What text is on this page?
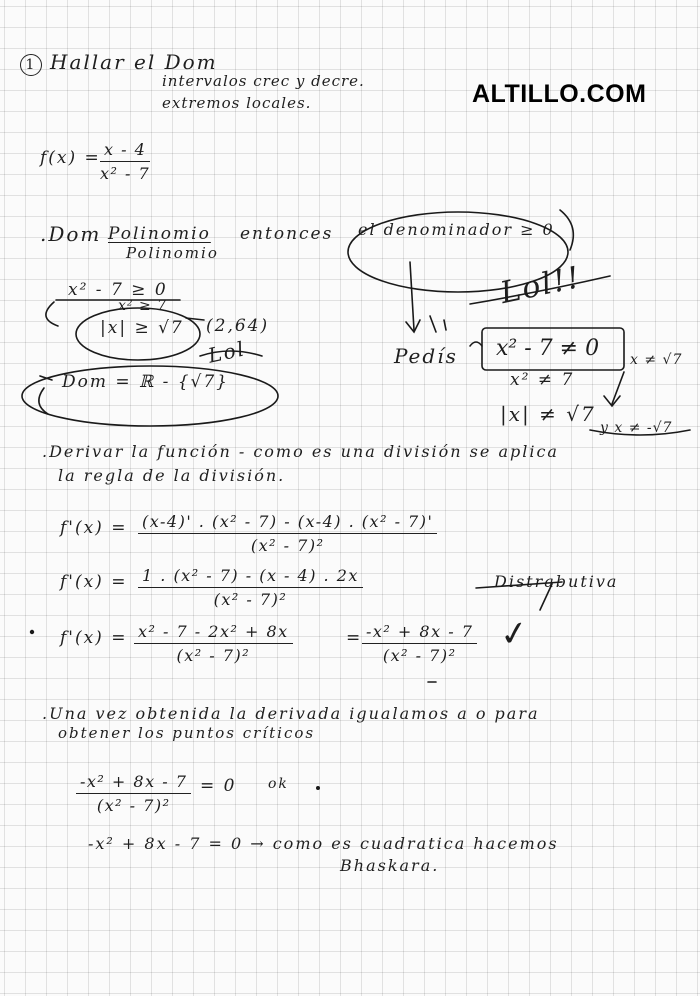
ALTILLO.COM
1 Hallar el Dom
intervalos crec y decre.
extremos locales.
$f(x) = \frac{x - 4}{\text{x² - 7}}$
.Dom Polinomio
Polinomio
entonces el denominador ≥ 0
x² - 7 ≥ 0
x² ≥ 7
|x| ≥ √7 (2,64)
Lol
Dom = ℝ - {√7}
Lol!!
Pedís x² - 7 ≠ 0
x² ≠ 7
|x| ≠ √7
x ≠ √7
y x ≠ -√7
.Derivar la función - como es una división se aplica
la regla de la división.
$f'(x) = \frac{\text{(x-4)' . (x² - 7) - (x-4) . (x² - 7)'}}{\text{(x² - 7)²}}$
$f'(x) = \frac{\text{1 . (x² - 7) - (x - 4) . 2x}}{\text{(x² - 7)²}}$	Distrabutiva
$f'(x) = \frac{\text{x² - 7 - 2x² + 8x}}{\text{(x² - 7)²}}$	= $\frac{\text{-x² + 8x - 7}}{\text{(x² - 7)²}}$ ✓
.Una vez obtenida la derivada igualamos a o para
obtener los puntos críticos
$\frac{\text{-x² + 8x - 7}}{\text{(x² - 7)²}} = 0$ ok
-x² + 8x - 7 = 0 → como es cuadratica hacemos
Bhaskara.
